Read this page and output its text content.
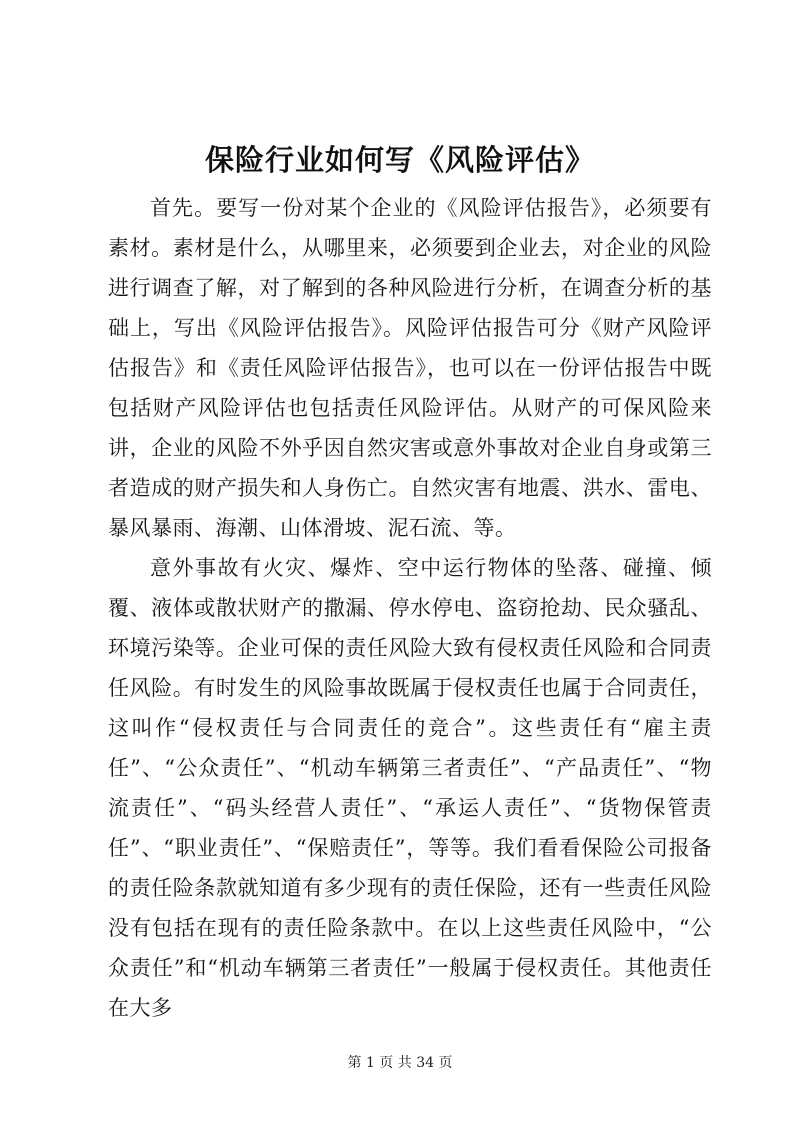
保险行业如何写《风险评估》

首先。要写一份对某个企业的《风险评估报告》，必须要有素材。素材是什么，从哪里来，必须要到企业去，对企业的风险进行调查了解，对了解到的各种风险进行分析，在调查分析的基础上，写出《风险评估报告》。风险评估报告可分《财产风险评估报告》和《责任风险评估报告》，也可以在一份评估报告中既包括财产风险评估也包括责任风险评估。从财产的可保风险来讲，企业的风险不外乎因自然灾害或意外事故对企业自身或第三者造成的财产损失和人身伤亡。自然灾害有地震、洪水、雷电、暴风暴雨、海潮、山体滑坡、泥石流、等。

意外事故有火灾、爆炸、空中运行物体的坠落、碰撞、倾覆、液体或散状财产的撒漏、停水停电、盗窃抢劫、民众骚乱、环境污染等。企业可保的责任风险大致有侵权责任风险和合同责任风险。有时发生的风险事故既属于侵权责任也属于合同责任，这叫作“侵权责任与合同责任的竞合”。这些责任有“雇主责任”、“公众责任”、“机动车辆第三者责任”、“产品责任”、“物流责任”、“码头经营人责任”、“承运人责任”、“货物保管责任”、“职业责任”、“保赔责任”，等等。我们看看保险公司报备的责任险条款就知道有多少现有的责任保险，还有一些责任风险没有包括在现有的责任险条款中。在以上这些责任风险中，“公众责任”和“机动车辆第三者责任”一般属于侵权责任。其他责任在大多

第 1 页 共 34 页
